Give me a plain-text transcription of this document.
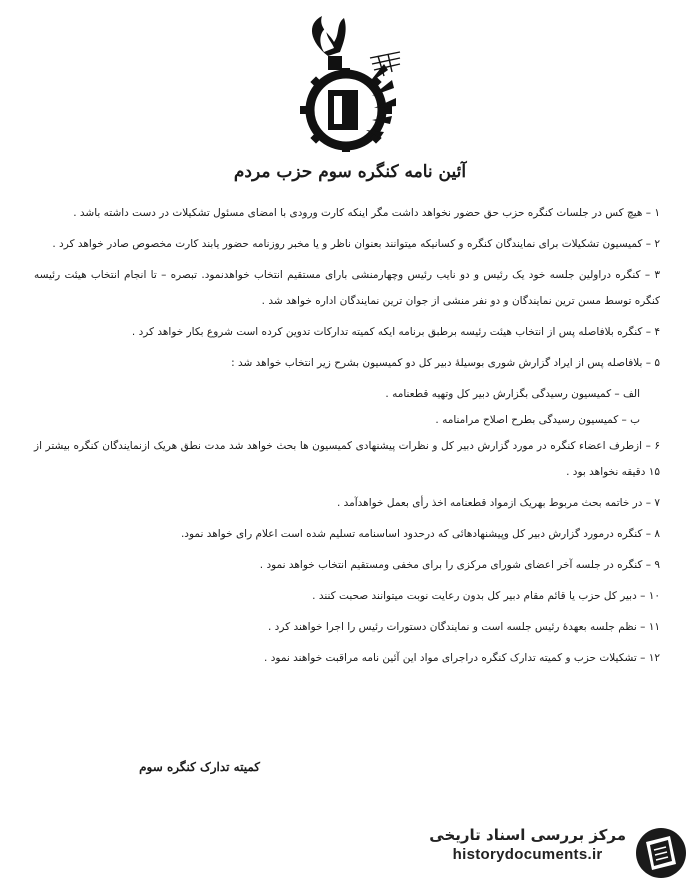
آئین نامه کنگره سوم حزب مردم
۱ – هیچ کس در جلسات کنگره حزب حق حضور نخواهد داشت مگر اینکه کارت ورودی با امضای مسئول تشکیلات در دست داشته باشد .
۲ – کمیسیون تشکیلات برای نمایندگان کنگره و کسانیکه میتوانند بعنوان ناظر و یا مخبر روزنامه حضور یابند کارت مخصوص صادر خواهد کرد .
۳ – کنگره دراولین جلسه خود یک رئیس و دو نایب رئیس وچهارمنشی بارای مستقیم انتخاب خواهدنمود. تبصره – تا انجام انتخاب هیئت رئیسه کنگره توسط مسن ترین نمایندگان و دو نفر منشی از جوان ترین نمایندگان اداره خواهد شد .
۴ – کنگره بلافاصله پس از انتخاب هیئت رئیسه برطبق برنامه ایکه کمیته تدارکات تدوین کرده است شروع بکار خواهد کرد .
۵ – بلافاصله پس از ایراد گزارش شوری بوسیلهٔ دبیر کل دو کمیسیون بشرح زیر انتخاب خواهد شد :
الف – کمیسیون رسیدگی بگزارش دبیر کل وتهیه قطعنامه .
ب – کمیسیون رسیدگی بطرح اصلاح مرامنامه .
۶ – ازطرف اعضاء کنگره در مورد گزارش دبیر کل و نظرات پیشنهادی کمیسیون ها بحث خواهد شد مدت نطق هریک ازنمایندگان کنگره بیشتر از ۱۵ دقیقه نخواهد بود .
۷ – در خاتمه بحث مربوط بهریک ازمواد قطعنامه اخذ رأی بعمل خواهدآمد .
۸ – کنگره درمورد گزارش دبیر کل وپیشنهادهائی که درحدود اساسنامه تسلیم شده است اعلام رای خواهد نمود.
۹ – کنگره در جلسه آخر اعضای شورای مرکزی را برای مخفی ومستقیم انتخاب خواهد نمود .
۱۰ – دبیر کل حزب یا قائم مقام دبیر کل بدون رعایت نوبت میتوانند صحبت کنند .
۱۱ – نظم جلسه بعهدهٔ رئیس جلسه است و نمایندگان دستورات رئیس را اجرا خواهند کرد .
۱۲ – تشکیلات حزب و کمیته تدارک کنگره دراجرای مواد این آئین نامه مراقبت خواهند نمود .
کمیته تدارک کنگره سوم
مرکز بررسی اسناد تاریخی
historydocuments.ir
